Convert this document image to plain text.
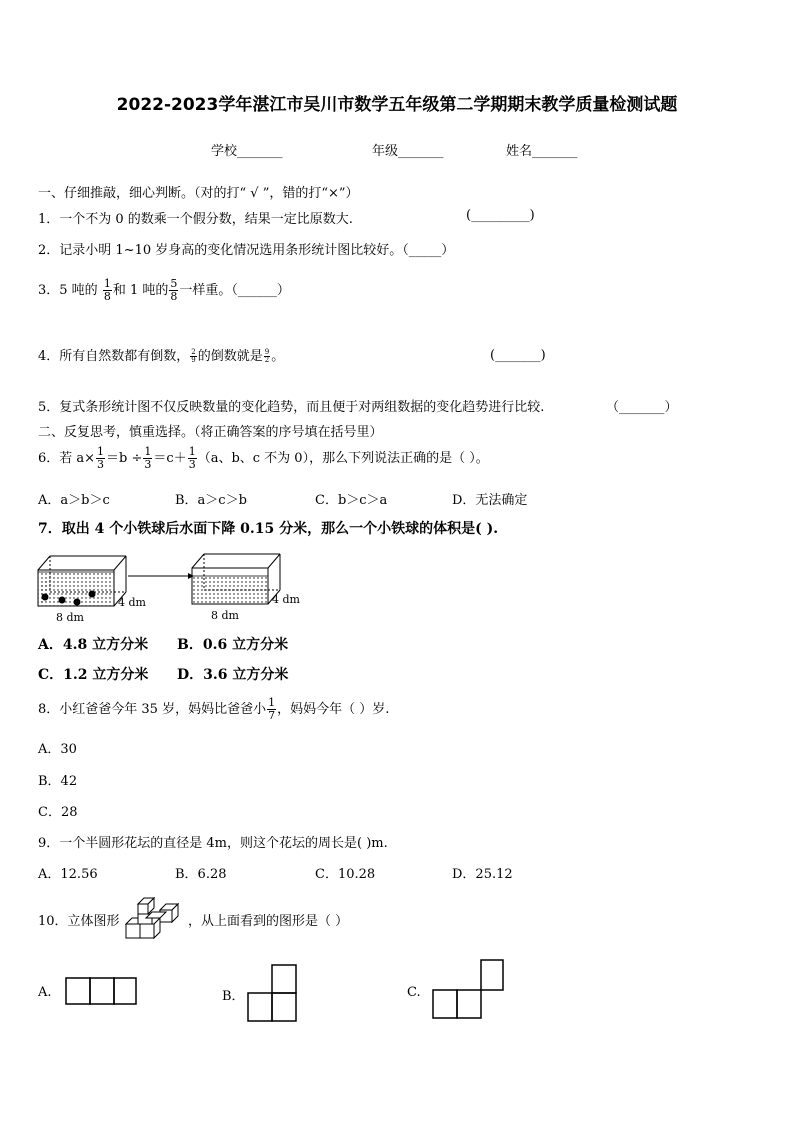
2022-2023学年湛江市吴川市数学五年级第二学期期末教学质量检测试题
学校_______	年级_______	姓名_______
一、仔细推敲，细心判断。（对的打“ √ ”，错的打“×”）
1．一个不为 0 的数乘一个假分数，结果一定比原数大.	(_________)
2．记录小明 1~10 岁身高的变化情况选用条形统计图比较好。（_____）
3．5 吨的 $\frac{1}{8}$ 和 1 吨的 $\frac{5}{8}$ 一样重。（______）
4．所有自然数都有倒数， $\frac{2}{9}$ 的倒数就是 $\frac{9}{2}$ 。	(_______)
5．复式条形统计图不仅反映数量的变化趋势，而且便于对两组数据的变化趋势进行比较.	（_______）
二、反复思考，慎重选择。（将正确答案的序号填在括号里）
6．若 $a\times \frac{1}{3} =b \div \frac{1}{3} =c+ \frac{1}{3} (a$、b、c 不为 0），那么下列说法正确的是（ ）。
A．a＞b＞c	B．a＞c＞b	C．b＞c＞a	D．无法确定
7．取出 4 个小铁球后水面下降 0.15 分米，那么一个小铁球的体积是( ).
8 dm
4 dm
8 dm
4 dm
A．4.8 立方分米 B．0.6 立方分米
C．1.2 立方分米 D．3.6 立方分米
8．小红爸爸今年 35 岁，妈妈比爸爸小 $\frac{1}{7}$ ，妈妈今年（ ）岁.
A．30
B．42
C．28
9．一个半圆形花坛的直径是 4m，则这个花坛的周长是( )m.
A．12.56	B．6.28	C．10.28	D．25.12
10．立体图形	，从上面看到的图形是（ ）
A.	B．	C.
